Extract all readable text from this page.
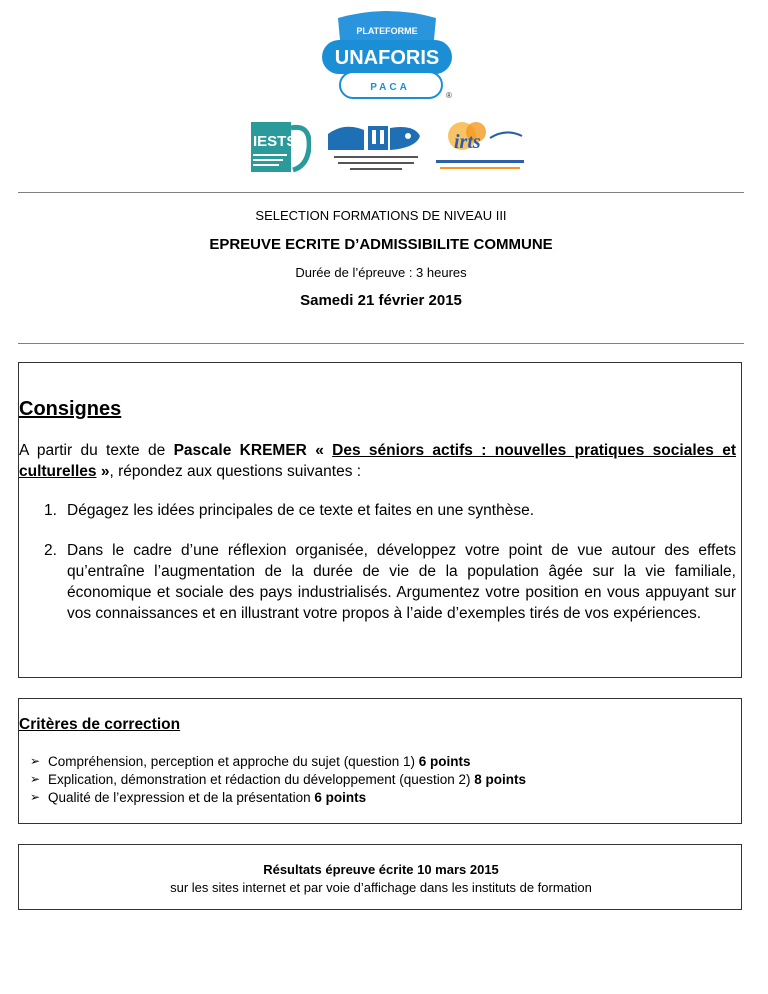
PLATEFORME
UNAFORIS
PACA
®
IESTS	irts
SELECTION FORMATIONS DE NIVEAU III
EPREUVE ECRITE D’ADMISSIBILITE COMMUNE
Durée de l’épreuve : 3 heures
Samedi 21 février 2015
Consignes
A partir du texte de Pascale KREMER « Des séniors actifs : nouvelles pratiques sociales et culturelles », répondez aux questions suivantes :
1. Dégagez les idées principales de ce texte et faites en une synthèse.
2. Dans le cadre d’une réflexion organisée, développez votre point de vue autour des effets qu’entraîne l’augmentation de la durée de vie de la population âgée sur la vie familiale, économique et sociale des pays industrialisés. Argumentez votre position en vous appuyant sur vos connaissances et en illustrant votre propos à l’aide d’exemples tirés de vos expériences.
Critères de correction
➢ Compréhension, perception et approche du sujet (question 1) 6 points
➢ Explication, démonstration et rédaction du développement (question 2) 8 points
➢ Qualité de l’expression et de la présentation 6 points
Résultats épreuve écrite 10 mars 2015
sur les sites internet et par voie d’affichage dans les instituts de formation
